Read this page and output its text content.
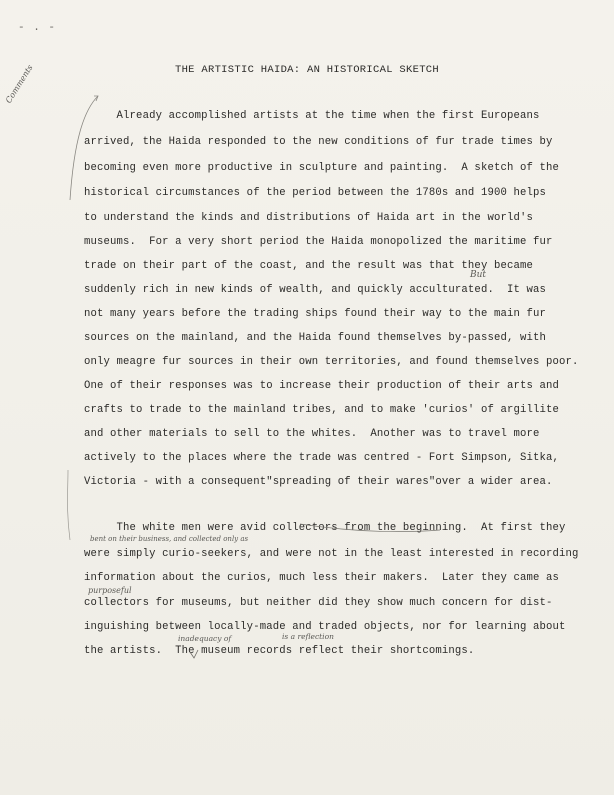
- . -
THE ARTISTIC HAIDA: AN HISTORICAL SKETCH
Comments
Already accomplished artists at the time when the first Europeans
arrived, the Haida responded to the new conditions of fur trade times by
becoming even more productive in sculpture and painting.  A sketch of the
historical circumstances of the period between the 1780s and 1900 helps
to understand the kinds and distributions of Haida art in the world's
museums.  For a very short period the Haida monopolized the maritime fur
trade on their part of the coast, and the result was that they became
suddenly rich in new kinds of wealth, and quickly acculturated.  It was
not many years before the trading ships found their way to the main fur
sources on the mainland, and the Haida found themselves by-passed, with
only meagre fur sources in their own territories, and found themselves poor.
One of their responses was to increase their production of their arts and
crafts to trade to the mainland tribes, and to make 'curios' of argillite
and other materials to sell to the whites.  Another was to travel more
actively to the places where the trade was centred - Fort Simpson, Sitka,
Victoria - with a consequent"spreading of their wares"over a wider area.
The white men were avid collectors from the beginning.  At first they
were simply curio-seekers, and were not in the least interested in recording
information about the curios, much less their makers.  Later they came as
collectors for museums, but neither did they show much concern for dist-
inguishing between locally-made and traded objects, nor for learning about
the artists.  The museum records reflect their shortcomings.
But
bent on their business, and collected only as
purposeful
inadequacy of	is a reflection
